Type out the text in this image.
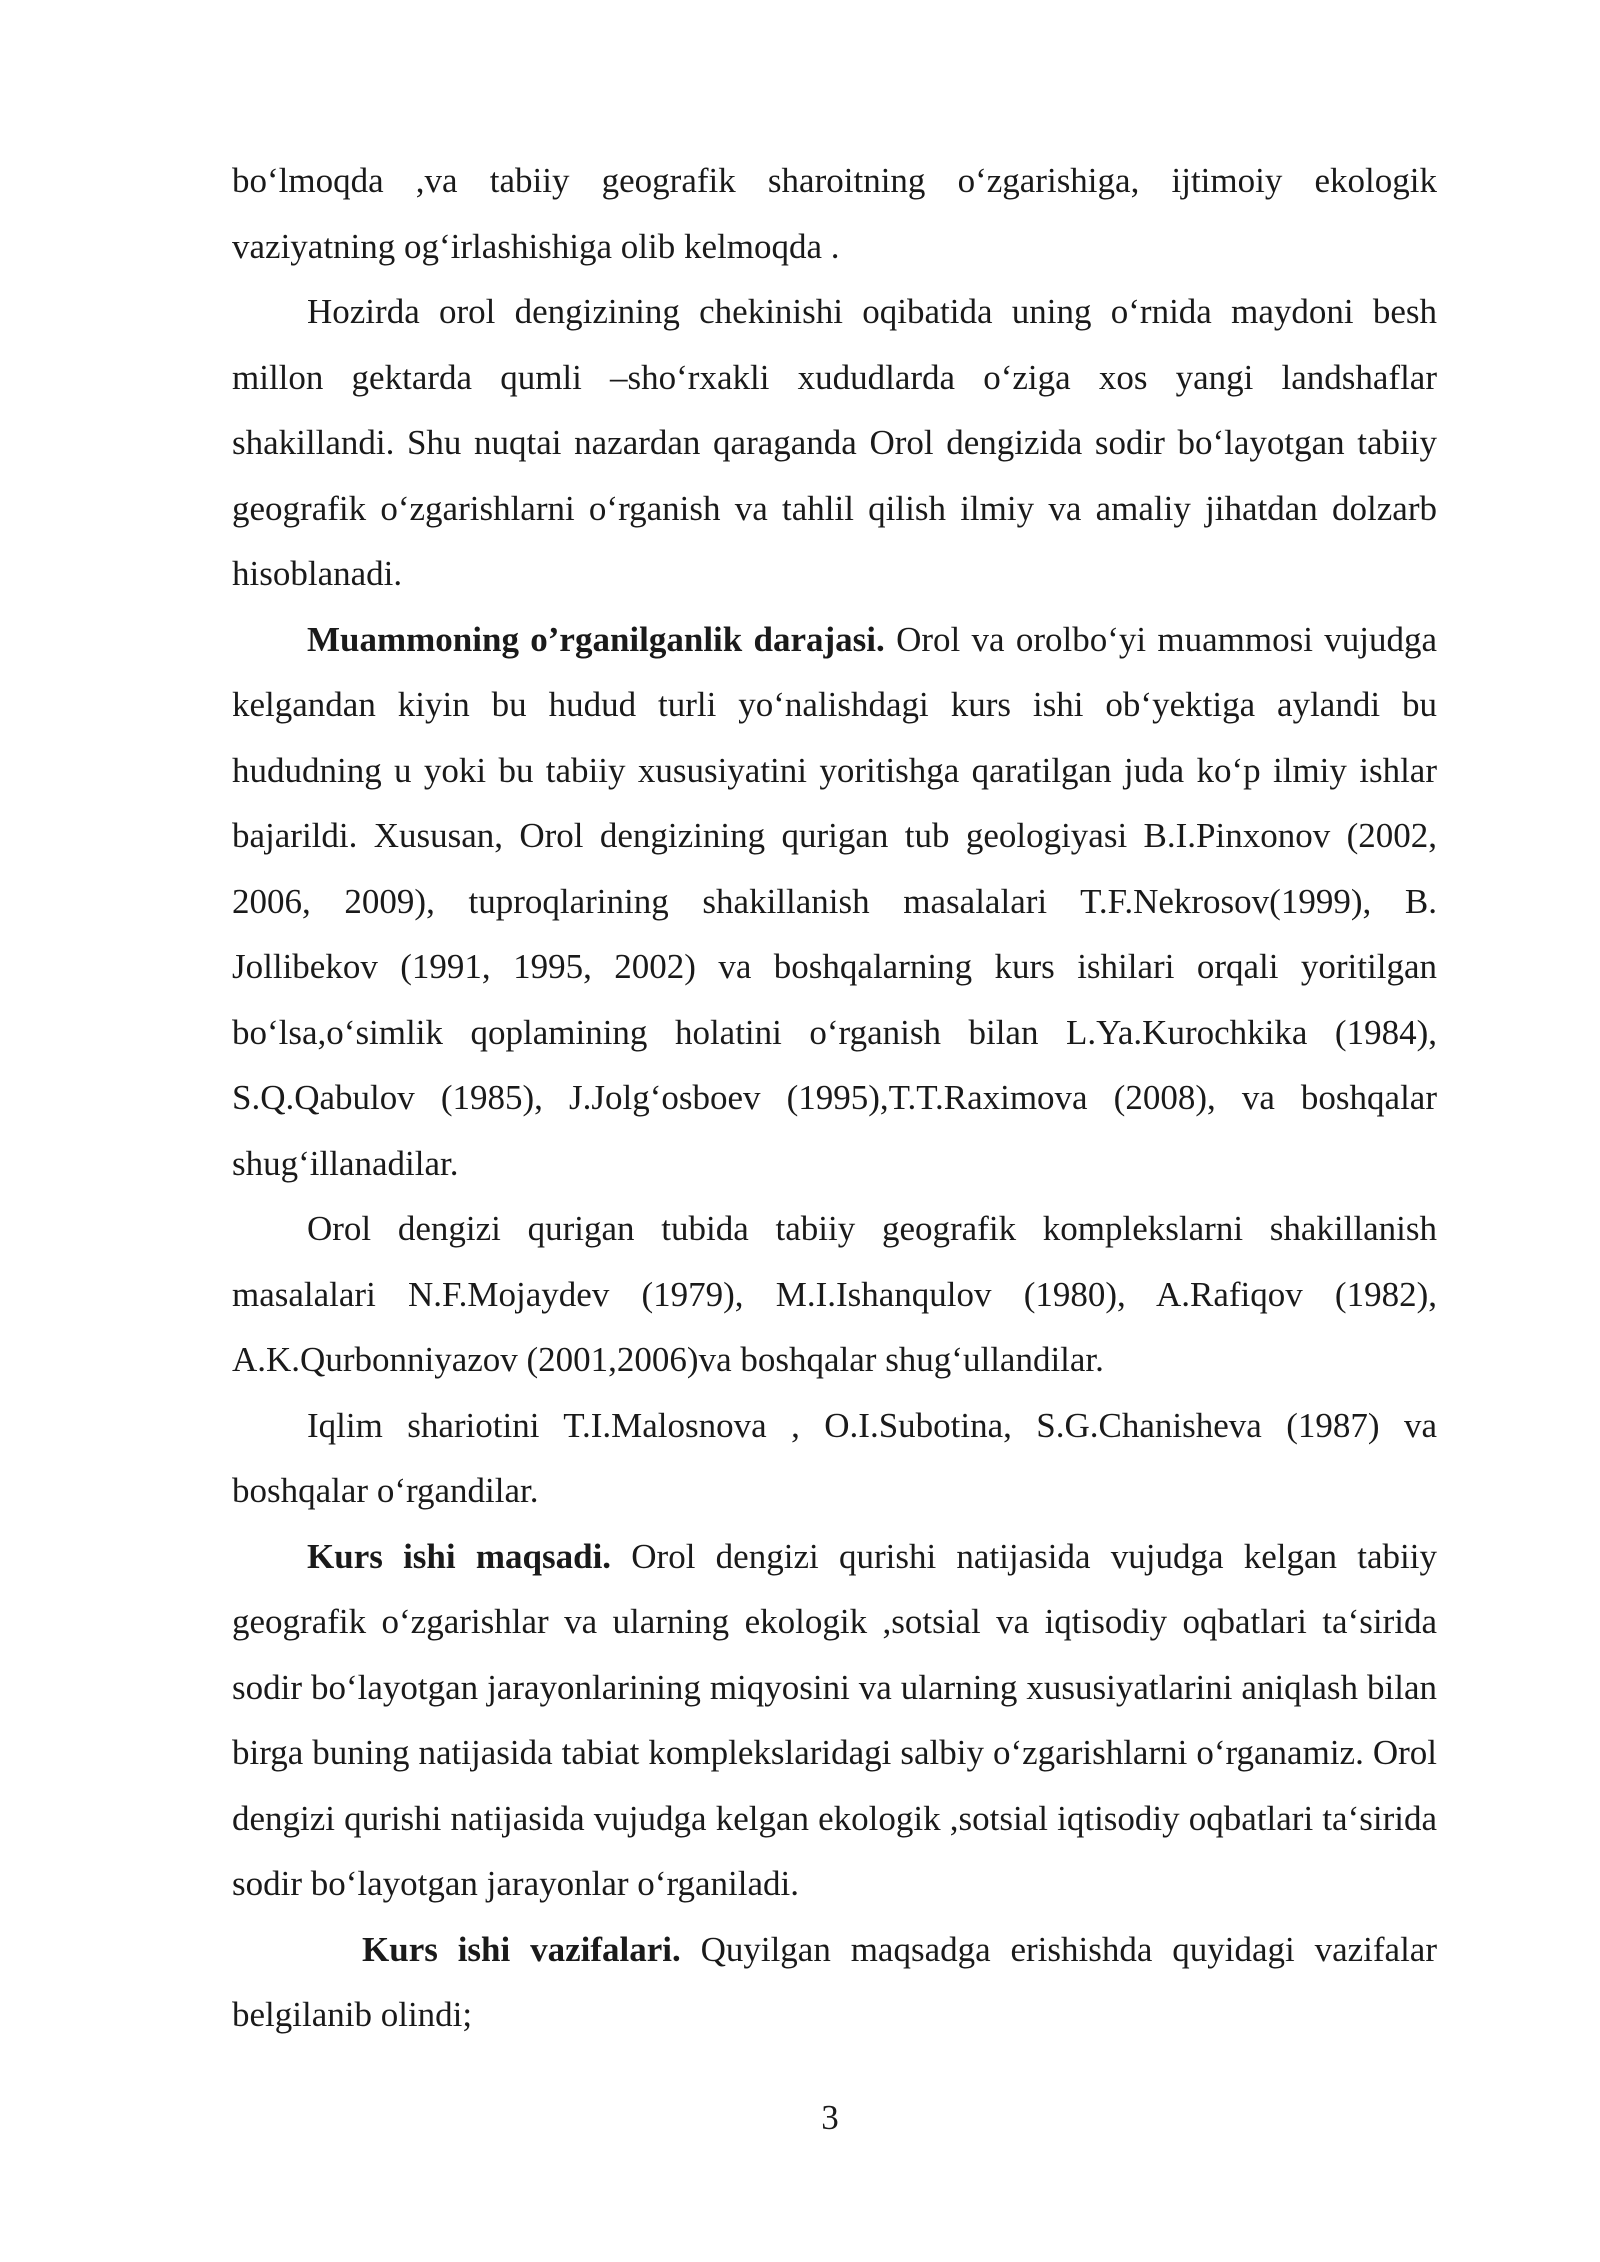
bo‘lmoqda ,va tabiiy geografik sharoitning o‘zgarishiga, ijtimoiy ekologik vaziyatning og‘irlashishiga olib kelmoqda .

Hozirda orol dengizining chekinishi oqibatida uning o‘rnida maydoni besh millon gektarda qumli –sho‘rxakli xududlarda o‘ziga xos yangi landshaflar shakillandi. Shu nuqtai nazardan qaraganda Orol dengizida sodir bo‘layotgan tabiiy geografik o‘zgarishlarni o‘rganish va tahlil qilish ilmiy va amaliy jihatdan dolzarb hisoblanadi.

Muammoning o’rganilganlik darajasi. Orol va orolbo‘yi muammosi vujudga kelgandan kiyin bu hudud turli yo‘nalishdagi kurs ishi ob‘yektiga aylandi bu hududning u yoki bu tabiiy xususiyatini yoritishga qaratilgan juda ko‘p ilmiy ishlar bajarildi. Xususan, Orol dengizining qurigan tub geologiyasi B.I.Pinxonov (2002, 2006, 2009), tuproqlarining shakillanish masalalari T.F.Nekrosov(1999), B. Jollibekov (1991, 1995, 2002) va boshqalarning kurs ishilari orqali yoritilgan bo‘lsa,o‘simlik qoplamining holatini o‘rganish bilan L.Ya.Kurochkika (1984), S.Q.Qabulov (1985), J.Jolg‘osboev (1995),T.T.Raximova (2008), va boshqalar shug‘illanadilar.

Orol dengizi qurigan tubida tabiiy geografik komplekslarni shakillanish masalalari N.F.Mojaydev (1979), M.I.Ishanqulov (1980), A.Rafiqov (1982), A.K.Qurbonniyazov (2001,2006)va boshqalar shug‘ullandilar.

Iqlim shariotini T.I.Malosnova , O.I.Subotina, S.G.Chanisheva (1987) va boshqalar o‘rgandilar.

Kurs ishi maqsadi. Orol dengizi qurishi natijasida vujudga kelgan tabiiy geografik o‘zgarishlar va ularning ekologik ,sotsial va iqtisodiy oqbatlari ta‘sirida sodir bo‘layotgan jarayonlarining miqyosini va ularning xususiyatlarini aniqlash bilan birga buning natijasida tabiat komplekslaridagi salbiy o‘zgarishlarni o‘rganamiz. Orol dengizi qurishi natijasida vujudga kelgan ekologik ,sotsial iqtisodiy oqbatlari ta‘sirida sodir bo‘layotgan jarayonlar o‘rganiladi.

Kurs ishi vazifalari. Quyilgan maqsadga erishishda quyidagi vazifalar belgilanib olindi;

3
